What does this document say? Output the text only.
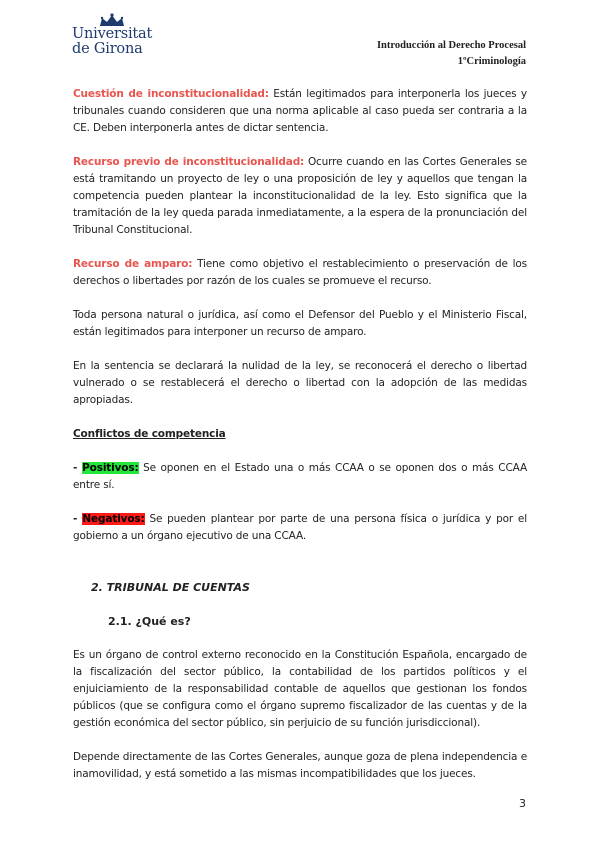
Universitat
de Girona	Introducción al Derecho Procesal
1ºCriminología

Cuestión de inconstitucionalidad: Están legitimados para interponerla los jueces y tribunales cuando consideren que una norma aplicable al caso pueda ser contraria a la CE. Deben interponerla antes de dictar sentencia.

Recurso previo de inconstitucionalidad: Ocurre cuando en las Cortes Generales se está tramitando un proyecto de ley o una proposición de ley y aquellos que tengan la competencia pueden plantear la inconstitucionalidad de la ley. Esto significa que la tramitación de la ley queda parada inmediatamente, a la espera de la pronunciación del Tribunal Constitucional.

Recurso de amparo: Tiene como objetivo el restablecimiento o preservación de los derechos o libertades por razón de los cuales se promueve el recurso.

Toda persona natural o jurídica, así como el Defensor del Pueblo y el Ministerio Fiscal, están legitimados para interponer un recurso de amparo.

En la sentencia se declarará la nulidad de la ley, se reconocerá el derecho o libertad vulnerado o se restablecerá el derecho o libertad con la adopción de las medidas apropiadas.

Conflictos de competencia

- Positivos: Se oponen en el Estado una o más CCAA o se oponen dos o más CCAA entre sí.

- Negativos: Se pueden plantear por parte de una persona física o jurídica y por el gobierno a un órgano ejecutivo de una CCAA.

2. TRIBUNAL DE CUENTAS
2.1. ¿Qué es?

Es un órgano de control externo reconocido en la Constitución Española, encargado de la fiscalización del sector público, la contabilidad de los partidos políticos y el enjuiciamiento de la responsabilidad contable de aquellos que gestionan los fondos públicos (que se configura como el órgano supremo fiscalizador de las cuentas y de la gestión económica del sector público, sin perjuicio de su función jurisdiccional).

Depende directamente de las Cortes Generales, aunque goza de plena independencia e inamovilidad, y está sometido a las mismas incompatibilidades que los jueces.

3
